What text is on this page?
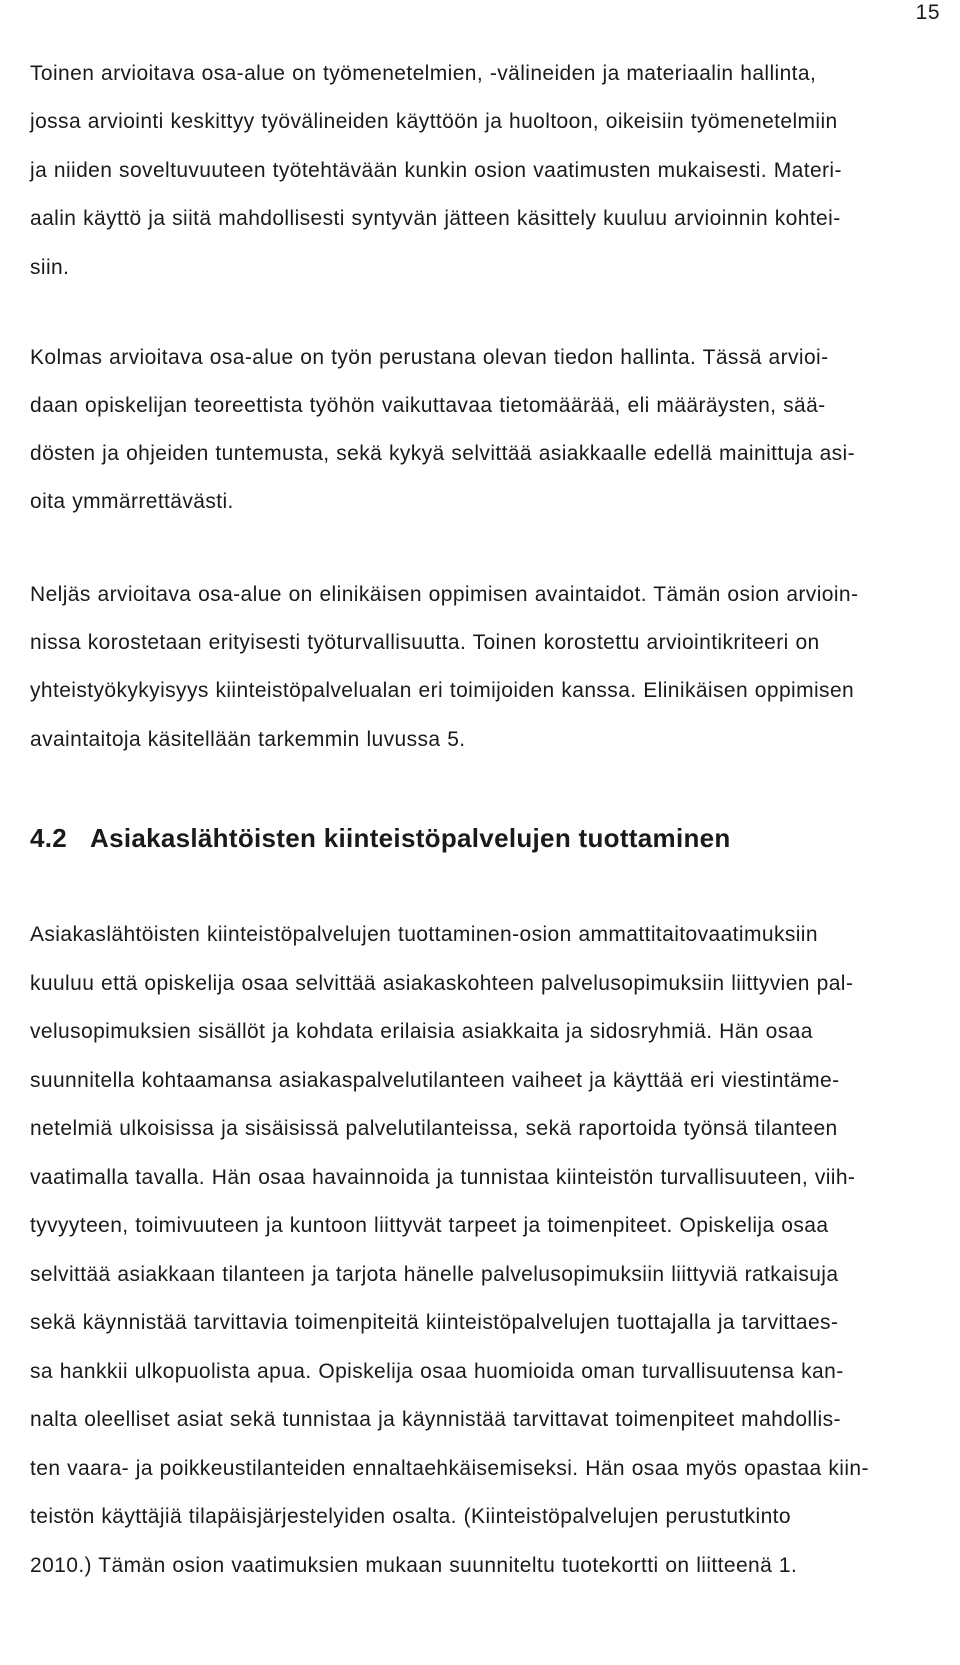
15
Toinen arvioitava osa-alue on työmenetelmien, -välineiden ja materiaalin hallinta,
jossa arviointi keskittyy työvälineiden käyttöön ja huoltoon, oikeisiin työmenetelmiin
ja niiden soveltuvuuteen työtehtävään kunkin osion vaatimusten mukaisesti. Materi-
aalin käyttö ja siitä mahdollisesti syntyvän jätteen käsittely kuuluu arvioinnin kohtei-
siin.
Kolmas arvioitava osa-alue on työn perustana olevan tiedon hallinta. Tässä arvioi-
daan opiskelijan teoreettista työhön vaikuttavaa tietomäärää, eli määräysten, sää-
dösten ja ohjeiden tuntemusta, sekä kykyä selvittää asiakkaalle edellä mainittuja asi-
oita ymmärrettävästi.
Neljäs arvioitava osa-alue on elinikäisen oppimisen avaintaidot. Tämän osion arvioin-
nissa korostetaan erityisesti työturvallisuutta. Toinen korostettu arviointikriteeri on
yhteistyökykyisyys kiinteistöpalvelualan eri toimijoiden kanssa. Elinikäisen oppimisen
avaintaitoja käsitellään tarkemmin luvussa 5.
4.2 Asiakaslähtöisten kiinteistöpalvelujen tuottaminen
Asiakaslähtöisten kiinteistöpalvelujen tuottaminen-osion ammattitaitovaatimuksiin
kuuluu että opiskelija osaa selvittää asiakaskohteen palvelusopimuksiin liittyvien pal-
velusopimuksien sisällöt ja kohdata erilaisia asiakkaita ja sidosryhmiä. Hän osaa
suunnitella kohtaamansa asiakaspalvelutilanteen vaiheet ja käyttää eri viestintäme-
netelmiä ulkoisissa ja sisäisissä palvelutilanteissa, sekä raportoida työnsä tilanteen
vaatimalla tavalla. Hän osaa havainnoida ja tunnistaa kiinteistön turvallisuuteen, viih-
tyvyyteen, toimivuuteen ja kuntoon liittyvät tarpeet ja toimenpiteet. Opiskelija osaa
selvittää asiakkaan tilanteen ja tarjota hänelle palvelusopimuksiin liittyviä ratkaisuja
sekä käynnistää tarvittavia toimenpiteitä kiinteistöpalvelujen tuottajalla ja tarvittaes-
sa hankkii ulkopuolista apua. Opiskelija osaa huomioida oman turvallisuutensa kan-
nalta oleelliset asiat sekä tunnistaa ja käynnistää tarvittavat toimenpiteet mahdollis-
ten vaara- ja poikkeustilanteiden ennaltaehkäisemiseksi. Hän osaa myös opastaa kiin-
teistön käyttäjiä tilapäisjärjestelyiden osalta. (Kiinteistöpalvelujen perustutkinto
2010.) Tämän osion vaatimuksien mukaan suunniteltu tuotekortti on liitteenä 1.
